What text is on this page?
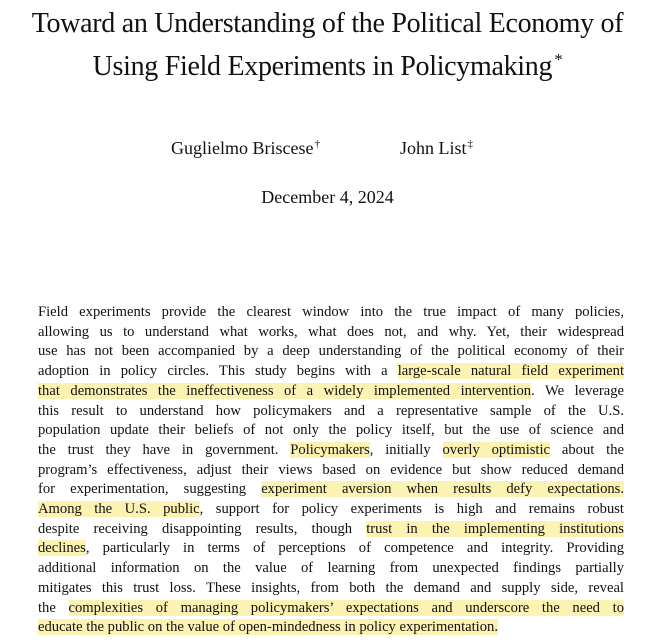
Toward an Understanding of the Political Economy of
Using Field Experiments in Policymaking *
Guglielmo Briscese†	John List‡
December 4, 2024
Field experiments provide the clearest window into the true impact of many policies,
allowing us to understand what works, what does not, and why. Yet, their widespread
use has not been accompanied by a deep understanding of the political economy of their
adoption in policy circles. This study begins with a large-scale natural field experiment
that demonstrates the ineffectiveness of a widely implemented intervention. We leverage
this result to understand how policymakers and a representative sample of the U.S.
population update their beliefs of not only the policy itself, but the use of science and
the trust they have in government. Policymakers, initially overly optimistic about the
program’s effectiveness, adjust their views based on evidence but show reduced demand
for experimentation, suggesting experiment aversion when results defy expectations.
Among the U.S. public, support for policy experiments is high and remains robust
despite receiving disappointing results, though trust in the implementing institutions
declines, particularly in terms of perceptions of competence and integrity. Providing
additional information on the value of learning from unexpected findings partially
mitigates this trust loss. These insights, from both the demand and supply side, reveal
the complexities of managing policymakers’ expectations and underscore the need to
educate the public on the value of open-mindedness in policy experimentation.
